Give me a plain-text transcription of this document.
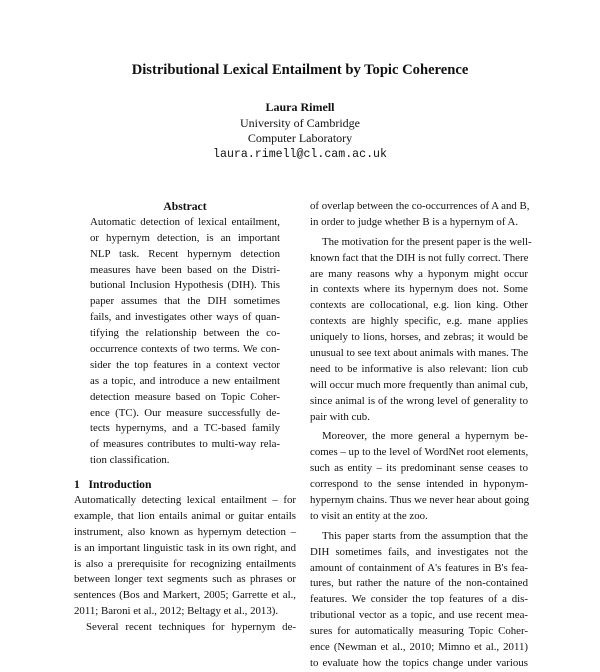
Distributional Lexical Entailment by Topic Coherence
Laura Rimell
University of Cambridge
Computer Laboratory
laura.rimell@cl.cam.ac.uk
Abstract
Automatic detection of lexical entailment,
or hypernym detection, is an important
NLP task. Recent hypernym detection
measures have been based on the Distri-
butional Inclusion Hypothesis (DIH). This
paper assumes that the DIH sometimes
fails, and investigates other ways of quan-
tifying the relationship between the co-
occurrence contexts of two terms. We con-
sider the top features in a context vector
as a topic, and introduce a new entailment
detection measure based on Topic Coher-
ence (TC). Our measure successfully de-
tects hypernyms, and a TC-based family
of measures contributes to multi-way rela-
tion classification.
1 Introduction
Automatically detecting lexical entailment – for
example, that lion entails animal or guitar entails
instrument, also known as hypernym detection –
is an important linguistic task in its own right, and
is also a prerequisite for recognizing entailments
between longer text segments such as phrases or
sentences (Bos and Markert, 2005; Garrette et al.,
2011; Baroni et al., 2012; Beltagy et al., 2013).
Several recent techniques for hypernym de-
of overlap between the co-occurrences of A and B,
in order to judge whether B is a hypernym of A.
The motivation for the present paper is the well-
known fact that the DIH is not fully correct. There
are many reasons why a hyponym might occur
in contexts where its hypernym does not. Some
contexts are collocational, e.g. lion king. Other
contexts are highly specific, e.g. mane applies
uniquely to lions, horses, and zebras; it would be
unusual to see text about animals with manes. The
need to be informative is also relevant: lion cub
will occur much more frequently than animal cub,
since animal is of the wrong level of generality to
pair with cub.
Moreover, the more general a hypernym be-
comes – up to the level of WordNet root elements,
such as entity – its predominant sense ceases to
correspond to the sense intended in hyponym-
hypernym chains. Thus we never hear about going
to visit an entity at the zoo.
This paper starts from the assumption that the
DIH sometimes fails, and investigates not the
amount of containment of A's features in B's fea-
tures, but rather the nature of the non-contained
features. We consider the top features of a dis-
tributional vector as a topic, and use recent mea-
sures for automatically measuring Topic Coher-
ence (Newman et al., 2010; Mimno et al., 2011)
to evaluate how the topics change under various
